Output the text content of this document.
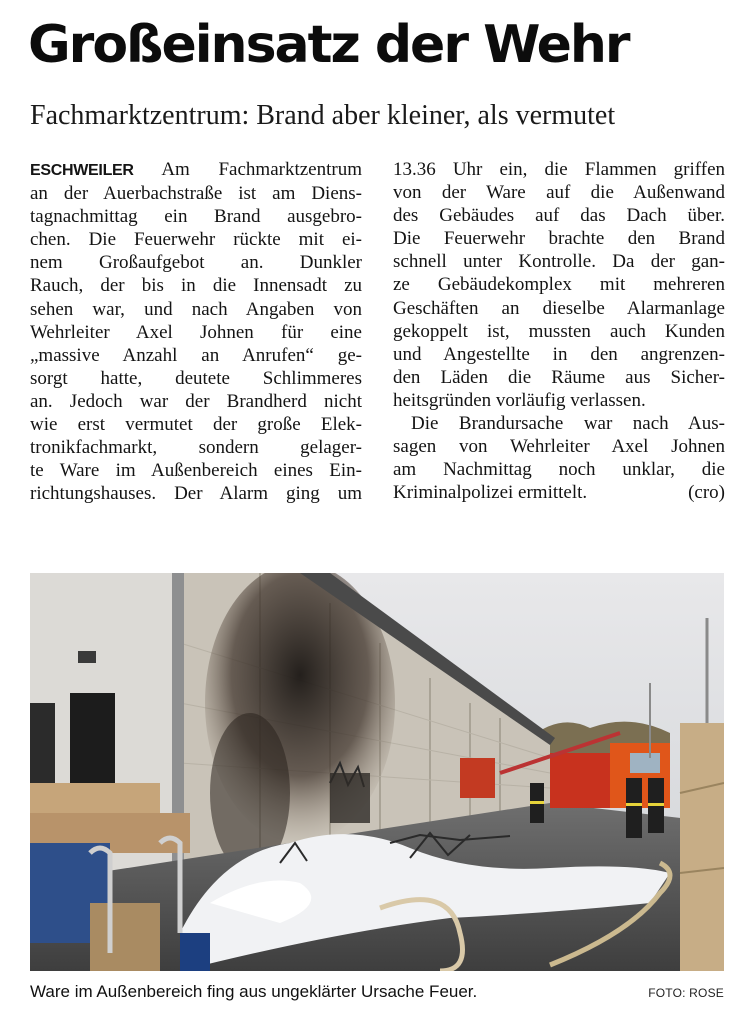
Großeinsatz der Wehr
Fachmarktzentrum: Brand aber kleiner, als vermutet

ESCHWEILER Am Fachmarktzentrum
an der Auerbachstraße ist am Diens-
tagnachmittag ein Brand ausgebro-
chen. Die Feuerwehr rückte mit ei-
nem Großaufgebot an. Dunkler
Rauch, der bis in die Innensadt zu
sehen war, und nach Angaben von
Wehrleiter Axel Johnen für eine
„massive Anzahl an Anrufen“ ge-
sorgt hatte, deutete Schlimmeres
an. Jedoch war der Brandherd nicht
wie erst vermutet der große Elek-
tronikfachmarkt, sondern gelager-
te Ware im Außenbereich eines Ein-
richtungshauses. Der Alarm ging um

13.36 Uhr ein, die Flammen griffen
von der Ware auf die Außenwand
des Gebäudes auf das Dach über.
Die Feuerwehr brachte den Brand
schnell unter Kontrolle. Da der gan-
ze Gebäudekomplex mit mehreren
Geschäften an dieselbe Alarmanlage
gekoppelt ist, mussten auch Kunden
und Angestellte in den angrenzen-
den Läden die Räume aus Sicher-
heitsgründen vorläufig verlassen.

Die Brandursache war nach Aus-
sagen von Wehrleiter Axel Johnen
am Nachmittag noch unklar, die
Kriminalpolizei ermittelt.	(cro)

Ware im Außenbereich fing aus ungeklärter Ursache Feuer.	FOTO: ROSE
